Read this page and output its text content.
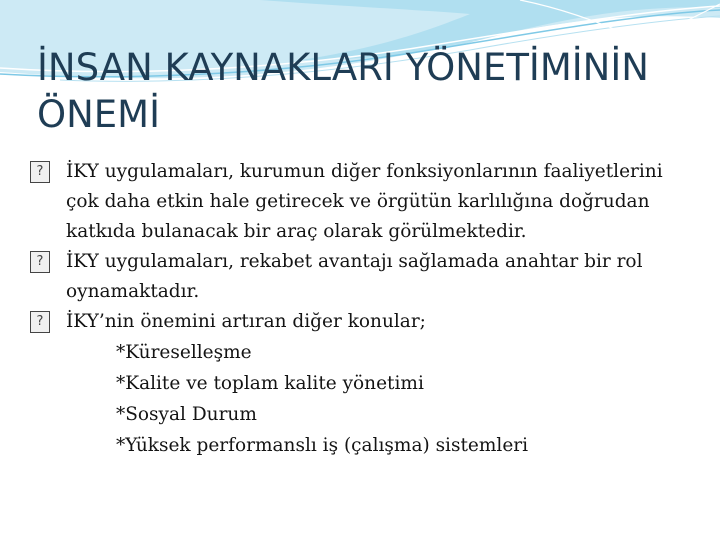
İNSAN KAYNAKLARI YÖNETİMİNİN
ÖNEMİ

?	İKY uygulamaları, kurumun diğer fonksiyonlarının faaliyetlerini çok daha etkin hale getirecek ve örgütün karlılığına doğrudan katkıda bulanacak bir araç olarak görülmektedir.

?	İKY uygulamaları, rekabet avantajı sağlamada anahtar bir rol oynamaktadır.

?	İKY’nin önemini artıran diğer konular;

*Küreselleşme

*Kalite ve toplam kalite yönetimi

*Sosyal Durum

*Yüksek performanslı iş (çalışma) sistemleri
